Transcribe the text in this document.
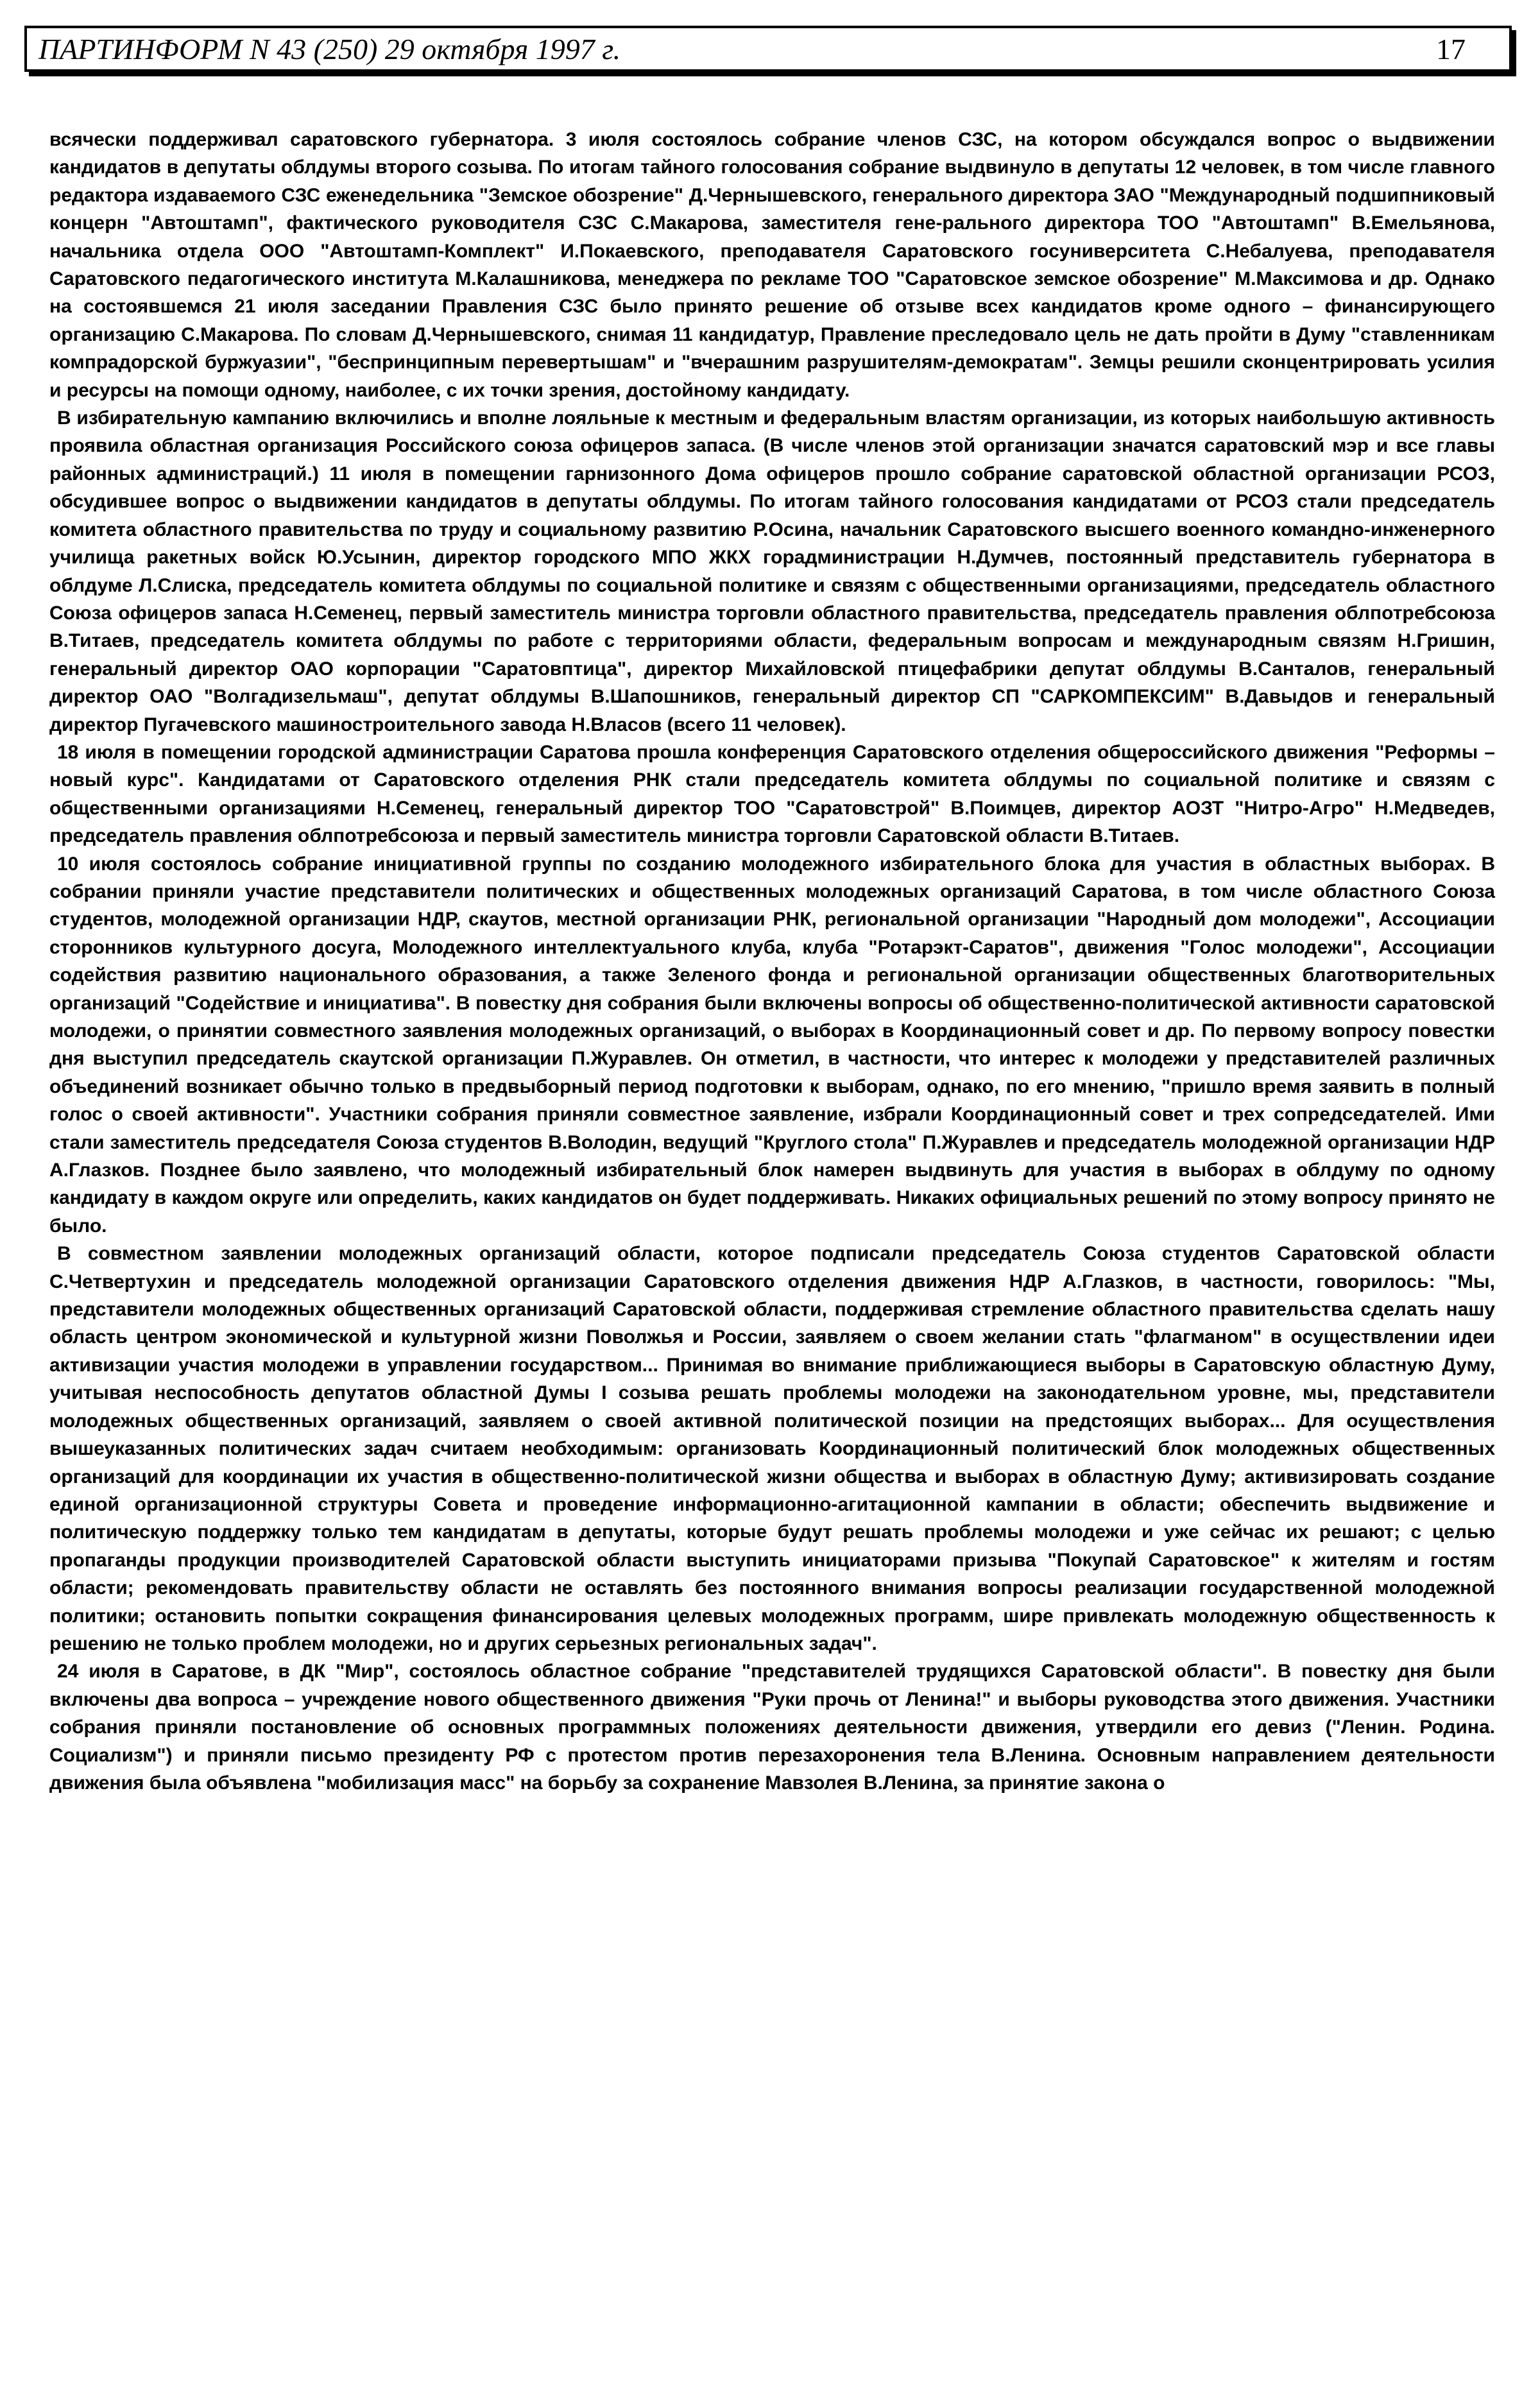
ПАРТИНФОРМ N 43 (250) 29 октября 1997 г.	17

всячески поддерживал саратовского губернатора. 3 июля состоялось собрание членов СЗС, на котором обсуждался вопрос о выдвижении кандидатов в депутаты облдумы второго созыва. По итогам тайного голосования собрание выдвинуло в депутаты 12 человек, в том числе главного редактора издаваемого СЗС еженедельника "Земское обозрение" Д.Чернышевского, генерального директора ЗАО "Международный подшипниковый концерн "Автоштамп", фактического руководителя СЗС С.Макарова, заместителя гене-рального директора ТОО "Автоштамп" В.Емельянова, начальника отдела ООО "Автоштамп-Комплект" И.Покаевского, преподавателя Саратовского госуниверситета С.Небалуева, преподавателя Саратовского педагогического института М.Калашникова, менеджера по рекламе ТОО "Саратовское земское обозрение" М.Максимова и др. Однако на состоявшемся 21 июля заседании Правления СЗС было принято решение об отзыве всех кандидатов кроме одного – финансирующего организацию С.Макарова. По словам Д.Чернышевского, снимая 11 кандидатур, Правление преследовало цель не дать пройти в Думу "ставленникам компрадорской буржуазии", "беспринципным перевертышам" и "вчерашним разрушителям-демократам". Земцы решили сконцентрировать усилия и ресурсы на помощи одному, наиболее, с их точки зрения, достойному кандидату.

В избирательную кампанию включились и вполне лояльные к местным и федеральным властям организации, из которых наибольшую активность проявила областная организация Российского союза офицеров запаса. (В числе членов этой организации значатся саратовский мэр и все главы районных администраций.) 11 июля в помещении гарнизонного Дома офицеров прошло собрание саратовской областной организации РСОЗ, обсудившее вопрос о выдвижении кандидатов в депутаты облдумы. По итогам тайного голосования кандидатами от РСОЗ стали председатель комитета областного правительства по труду и социальному развитию Р.Осина, начальник Саратовского высшего военного командно-инженерного училища ракетных войск Ю.Усынин, директор городского МПО ЖКХ горадминистрации Н.Думчев, постоянный представитель губернатора в облдуме Л.Слиска, председатель комитета облдумы по социальной политике и связям с общественными организациями, председатель областного Союза офицеров запаса Н.Семенец, первый заместитель министра торговли областного правительства, председатель правления облпотребсоюза В.Титаев, председатель комитета облдумы по работе с территориями области, федеральным вопросам и международным связям Н.Гришин, генеральный директор ОАО корпорации "Саратовптица", директор Михайловской птицефабрики депутат облдумы В.Санталов, генеральный директор ОАО "Волгадизельмаш", депутат облдумы В.Шапошников, генеральный директор СП "САРКОМПЕКСИМ" В.Давыдов и генеральный директор Пугачевского машиностроительного завода Н.Власов (всего 11 человек).

18 июля в помещении городской администрации Саратова прошла конференция Саратовского отделения общероссийского движения "Реформы – новый курс". Кандидатами от Саратовского отделения РНК стали председатель комитета облдумы по социальной политике и связям с общественными организациями Н.Семенец, генеральный директор ТОО "Саратовстрой" В.Поимцев, директор АОЗТ "Нитро-Агро" Н.Медведев, председатель правления облпотребсоюза и первый заместитель министра торговли Саратовской области В.Титаев.

10 июля состоялось собрание инициативной группы по созданию молодежного избирательного блока для участия в областных выборах. В собрании приняли участие представители политических и общественных молодежных организаций Саратова, в том числе областного Союза студентов, молодежной организации НДР, скаутов, местной организации РНК, региональной организации "Народный дом молодежи", Ассоциации сторонников культурного досуга, Молодежного интеллектуального клуба, клуба "Ротарэкт-Саратов", движения "Голос молодежи", Ассоциации содействия развитию национального образования, а также Зеленого фонда и региональной организации общественных благотворительных организаций "Содействие и инициатива". В повестку дня собрания были включены вопросы об общественно-политической активности саратовской молодежи, о принятии совместного заявления молодежных организаций, о выборах в Координационный совет и др. По первому вопросу повестки дня выступил председатель скаутской организации П.Журавлев. Он отметил, в частности, что интерес к молодежи у представителей различных объединений возникает обычно только в предвыборный период подготовки к выборам, однако, по его мнению, "пришло время заявить в полный голос о своей активности". Участники собрания приняли совместное заявление, избрали Координационный совет и трех сопредседателей. Ими стали заместитель председателя Союза студентов В.Володин, ведущий "Круглого стола" П.Журавлев и председатель молодежной организации НДР А.Глазков. Позднее было заявлено, что молодежный избирательный блок намерен выдвинуть для участия в выборах в облдуму по одному кандидату в каждом округе или определить, каких кандидатов он будет поддерживать. Никаких официальных решений по этому вопросу принято не было.

В совместном заявлении молодежных организаций области, которое подписали председатель Союза студентов Саратовской области С.Четвертухин и председатель молодежной организации Саратовского отделения движения НДР А.Глазков, в частности, говорилось: "Мы, представители молодежных общественных организаций Саратовской области, поддерживая стремление областного правительства сделать нашу область центром экономической и культурной жизни Поволжья и России, заявляем о своем желании стать "флагманом" в осуществлении идеи активизации участия молодежи в управлении государством... Принимая во внимание приближающиеся выборы в Саратовскую областную Думу, учитывая неспособность депутатов областной Думы I созыва решать проблемы молодежи на законодательном уровне, мы, представители молодежных общественных организаций, заявляем о своей активной политической позиции на предстоящих выборах... Для осуществления вышеуказанных политических задач считаем необходимым: организовать Координационный политический блок молодежных общественных организаций для координации их участия в общественно-политической жизни общества и выборах в областную Думу; активизировать создание единой организационной структуры Совета и проведение информационно-агитационной кампании в области; обеспечить выдвижение и политическую поддержку только тем кандидатам в депутаты, которые будут решать проблемы молодежи и уже сейчас их решают; с целью пропаганды продукции производителей Саратовской области выступить инициаторами призыва "Покупай Саратовское" к жителям и гостям области; рекомендовать правительству области не оставлять без постоянного внимания вопросы реализации государственной молодежной политики; остановить попытки сокращения финансирования целевых молодежных программ, шире привлекать молодежную общественность к решению не только проблем молодежи, но и других серьезных региональных задач".

24 июля в Саратове, в ДК "Мир", состоялось областное собрание "представителей трудящихся Саратовской области". В повестку дня были включены два вопроса – учреждение нового общественного движения "Руки прочь от Ленина!" и выборы руководства этого движения. Участники собрания приняли постановление об основных программных положениях деятельности движения, утвердили его девиз ("Ленин. Родина. Социализм") и приняли письмо президенту РФ с протестом против перезахоронения тела В.Ленина. Основным направлением деятельности движения была объявлена "мобилизация масс" на борьбу за сохранение Мавзолея В.Ленина, за принятие закона о
